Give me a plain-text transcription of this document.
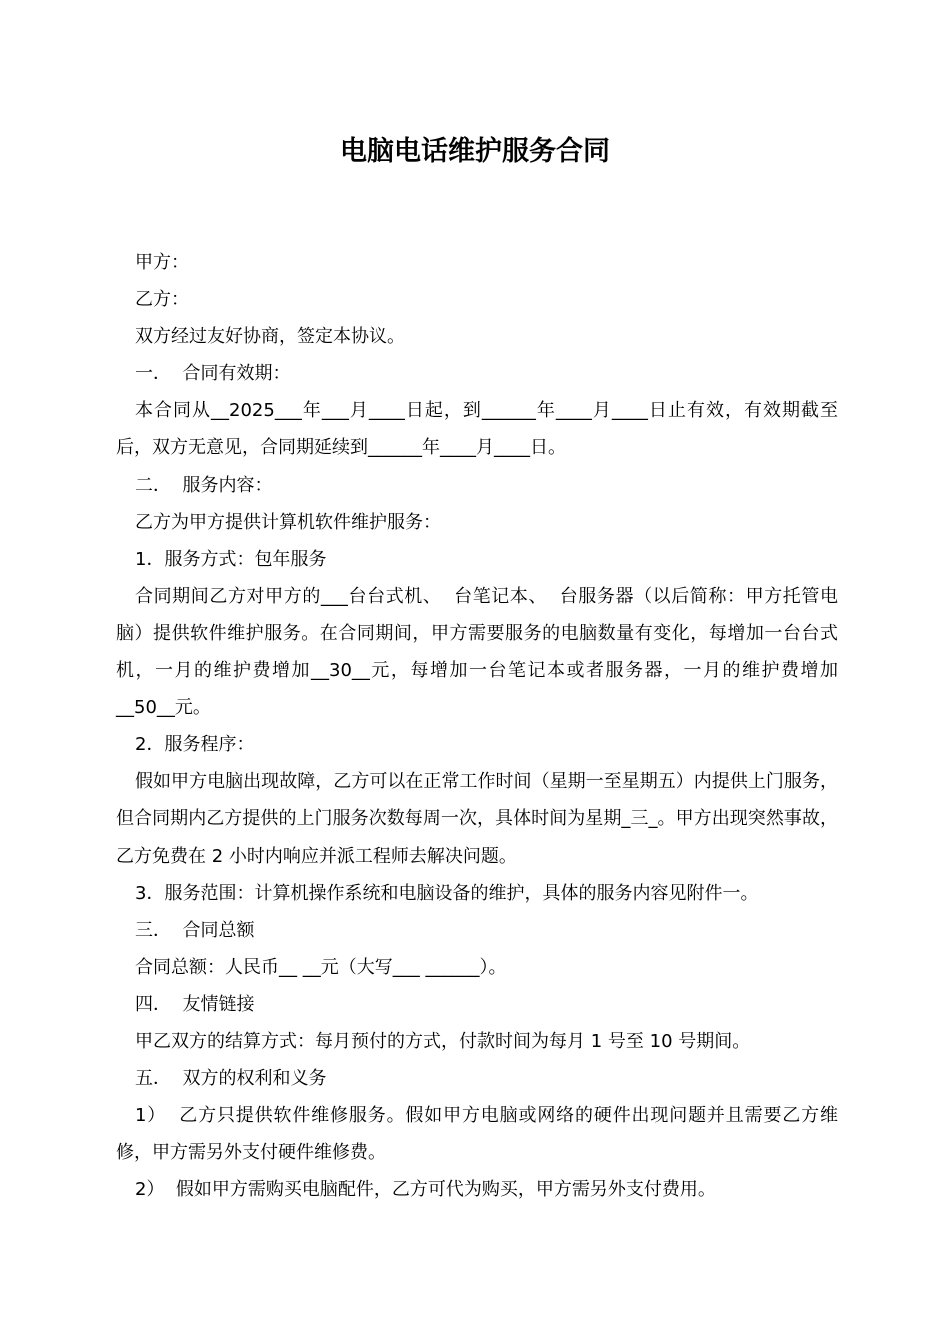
电脑电话维护服务合同

甲方：

乙方：

双方经过友好协商，签定本协议。

一．  合同有效期：

本合同从__2025___年___月____日起，到______年____月____日止有效，有效期截至后，双方无意见，合同期延续到______年____月____日。

二．  服务内容：

乙方为甲方提供计算机软件维护服务：

1．服务方式：包年服务

合同期间乙方对甲方的___台台式机、  台笔记本、  台服务器（以后简称：甲方托管电脑）提供软件维护服务。在合同期间，甲方需要服务的电脑数量有变化，每增加一台台式机，一月的维护费增加__30__元，每增加一台笔记本或者服务器，一月的维护费增加__50__元。

2．服务程序：

假如甲方电脑出现故障，乙方可以在正常工作时间（星期一至星期五）内提供上门服务，但合同期内乙方提供的上门服务次数每周一次，具体时间为星期_三_。甲方出现突然事故，乙方免费在 2 小时内响应并派工程师去解决问题。

3．服务范围：计算机操作系统和电脑设备的维护，具体的服务内容见附件一。

三．  合同总额

合同总额：人民币__ __元（大写___ ______）。

四．  友情链接

甲乙双方的结算方式：每月预付的方式，付款时间为每月 1 号至 10 号期间。

五．  双方的权利和义务

1）  乙方只提供软件维修服务。假如甲方电脑或网络的硬件出现问题并且需要乙方维修，甲方需另外支付硬件维修费。

2）  假如甲方需购买电脑配件，乙方可代为购买，甲方需另外支付费用。
